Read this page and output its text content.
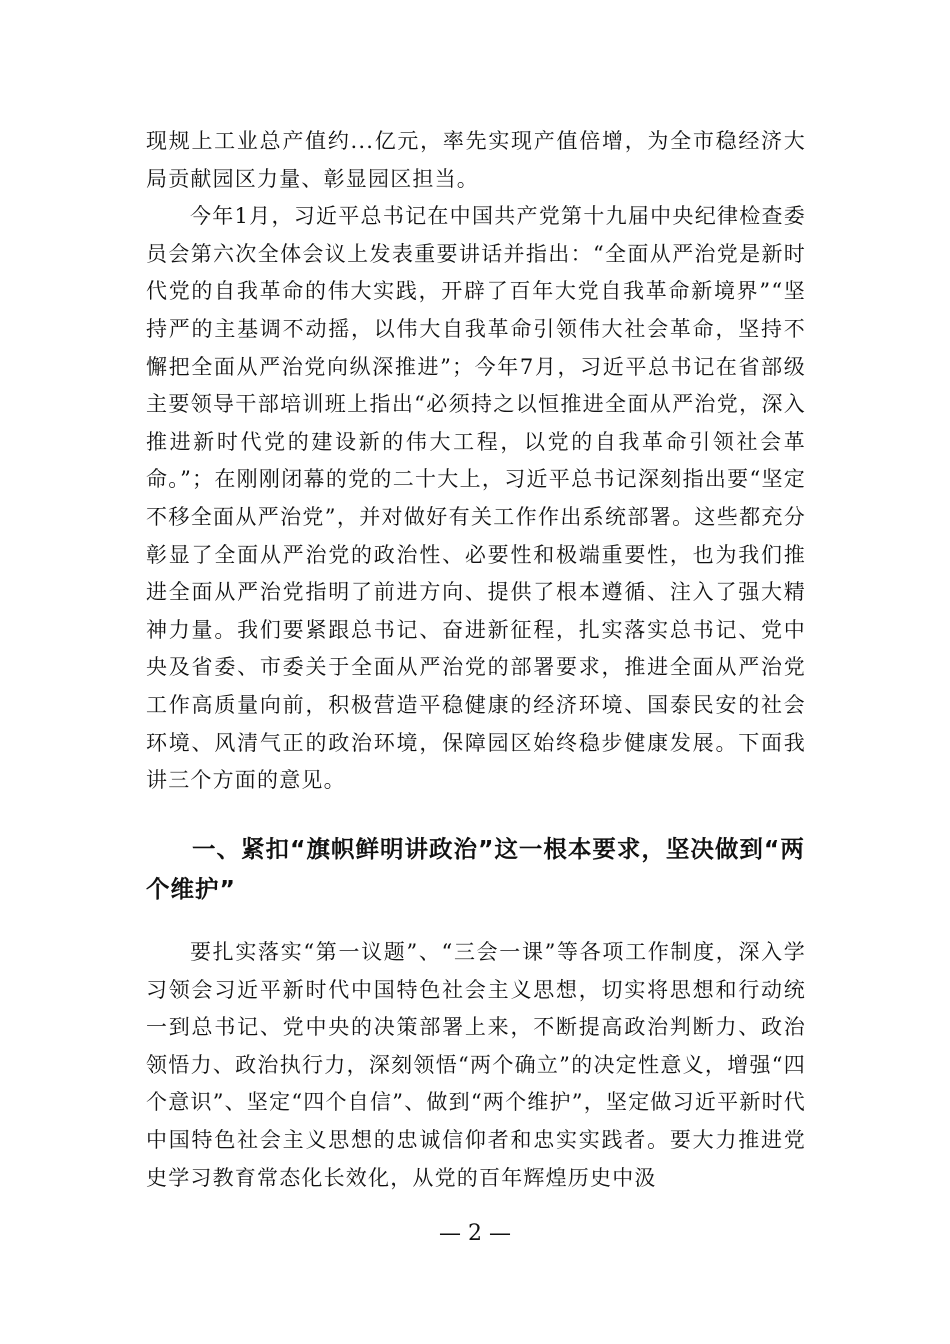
现规上工业总产值约...亿元，率先实现产值倍增，为全市稳经济大局贡献园区力量、彰显园区担当。

今年1月，习近平总书记在中国共产党第十九届中央纪律检查委员会第六次全体会议上发表重要讲话并指出：“全面从严治党是新时代党的自我革命的伟大实践，开辟了百年大党自我革命新境界”“坚持严的主基调不动摇，以伟大自我革命引领伟大社会革命，坚持不懈把全面从严治党向纵深推进”；今年7月，习近平总书记在省部级主要领导干部培训班上指出“必须持之以恒推进全面从严治党，深入推进新时代党的建设新的伟大工程，以党的自我革命引领社会革命。”；在刚刚闭幕的党的二十大上，习近平总书记深刻指出要“坚定不移全面从严治党”，并对做好有关工作作出系统部署。这些都充分彰显了全面从严治党的政治性、必要性和极端重要性，也为我们推进全面从严治党指明了前进方向、提供了根本遵循、注入了强大精神力量。我们要紧跟总书记、奋进新征程，扎实落实总书记、党中央及省委、市委关于全面从严治党的部署要求，推进全面从严治党工作高质量向前，积极营造平稳健康的经济环境、国泰民安的社会环境、风清气正的政治环境，保障园区始终稳步健康发展。下面我讲三个方面的意见。

一、紧扣“旗帜鲜明讲政治”这一根本要求，坚决做到“两个维护”

要扎实落实“第一议题”、“三会一课”等各项工作制度，深入学习领会习近平新时代中国特色社会主义思想，切实将思想和行动统一到总书记、党中央的决策部署上来，不断提高政治判断力、政治领悟力、政治执行力，深刻领悟“两个确立”的决定性意义，增强“四个意识”、坚定“四个自信”、做到“两个维护”，坚定做习近平新时代中国特色社会主义思想的忠诚信仰者和忠实实践者。要大力推进党史学习教育常态化长效化，从党的百年辉煌历史中汲

— 2 —
